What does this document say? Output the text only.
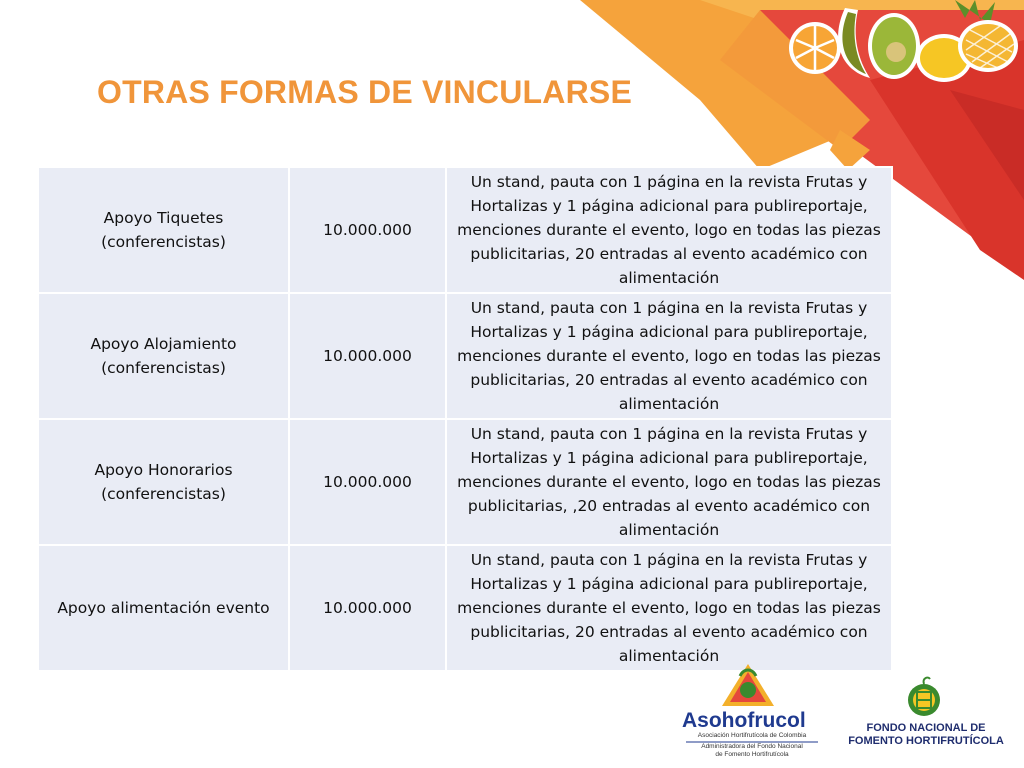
OTRAS FORMAS DE VINCULARSE
Apoyo Tiquetes (conferencistas)	10.000.000	Un stand, pauta con 1 página en la revista Frutas y Hortalizas y 1 página adicional para publireportaje, menciones durante el evento, logo en todas las piezas publicitarias, 20 entradas al evento académico con alimentación
Apoyo Alojamiento (conferencistas)	10.000.000	Un stand, pauta con 1 página en la revista Frutas y Hortalizas y 1 página adicional para publireportaje, menciones durante el evento, logo en todas las piezas publicitarias, 20 entradas al evento académico con alimentación
Apoyo Honorarios (conferencistas)	10.000.000	Un stand, pauta con 1 página en la revista Frutas y Hortalizas y 1 página adicional para publireportaje, menciones durante el evento, logo en todas las piezas publicitarias, ,20 entradas al evento académico con alimentación
Apoyo alimentación evento	10.000.000	Un stand, pauta con 1 página en la revista Frutas y Hortalizas y 1 página adicional para publireportaje, menciones durante el evento, logo en todas las piezas publicitarias, 20 entradas al evento académico con alimentación
Asohofrucol
Asociación Hortifrutícola de Colombia
Administradora del Fondo Nacional
de Fomento Hortifrutícola
FONDO NACIONAL DE
FOMENTO HORTIFRUTÍCOLA
